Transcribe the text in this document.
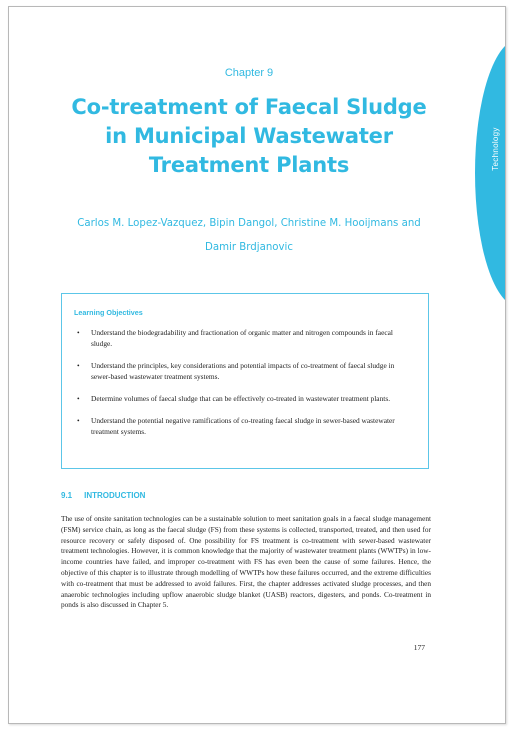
Technology
Chapter 9
Co-treatment of Faecal Sludge
in Municipal Wastewater
Treatment Plants
Carlos M. Lopez-Vazquez, Bipin Dangol, Christine M. Hooijmans and
Damir Brdjanovic
Learning Objectives
• Understand the biodegradability and fractionation of organic matter and nitrogen compounds in faecal sludge.
• Understand the principles, key considerations and potential impacts of co-treatment of faecal sludge in sewer-based wastewater treatment systems.
• Determine volumes of faecal sludge that can be effectively co-treated in wastewater treatment plants.
• Understand the potential negative ramifications of co-treating faecal sludge in sewer-based wastewater treatment systems.
9.1 INTRODUCTION

The use of onsite sanitation technologies can be a sustainable solution to meet sanitation goals in a faecal sludge management (FSM) service chain, as long as the faecal sludge (FS) from these systems is collected, transported, treated, and then used for resource recovery or safely disposed of. One possibility for FS treatment is co-treatment with sewer-based wastewater treatment technologies. However, it is common knowledge that the majority of wastewater treatment plants (WWTPs) in low-income countries have failed, and improper co-treatment with FS has even been the cause of some failures. Hence, the objective of this chapter is to illustrate through modelling of WWTPs how these failures occurred, and the extreme difficulties with co-treatment that must be addressed to avoid failures. First, the chapter addresses activated sludge processes, and then anaerobic technologies including upflow anaerobic sludge blanket (UASB) reactors, digesters, and ponds. Co-treatment in ponds is also discussed in Chapter 5.

177
